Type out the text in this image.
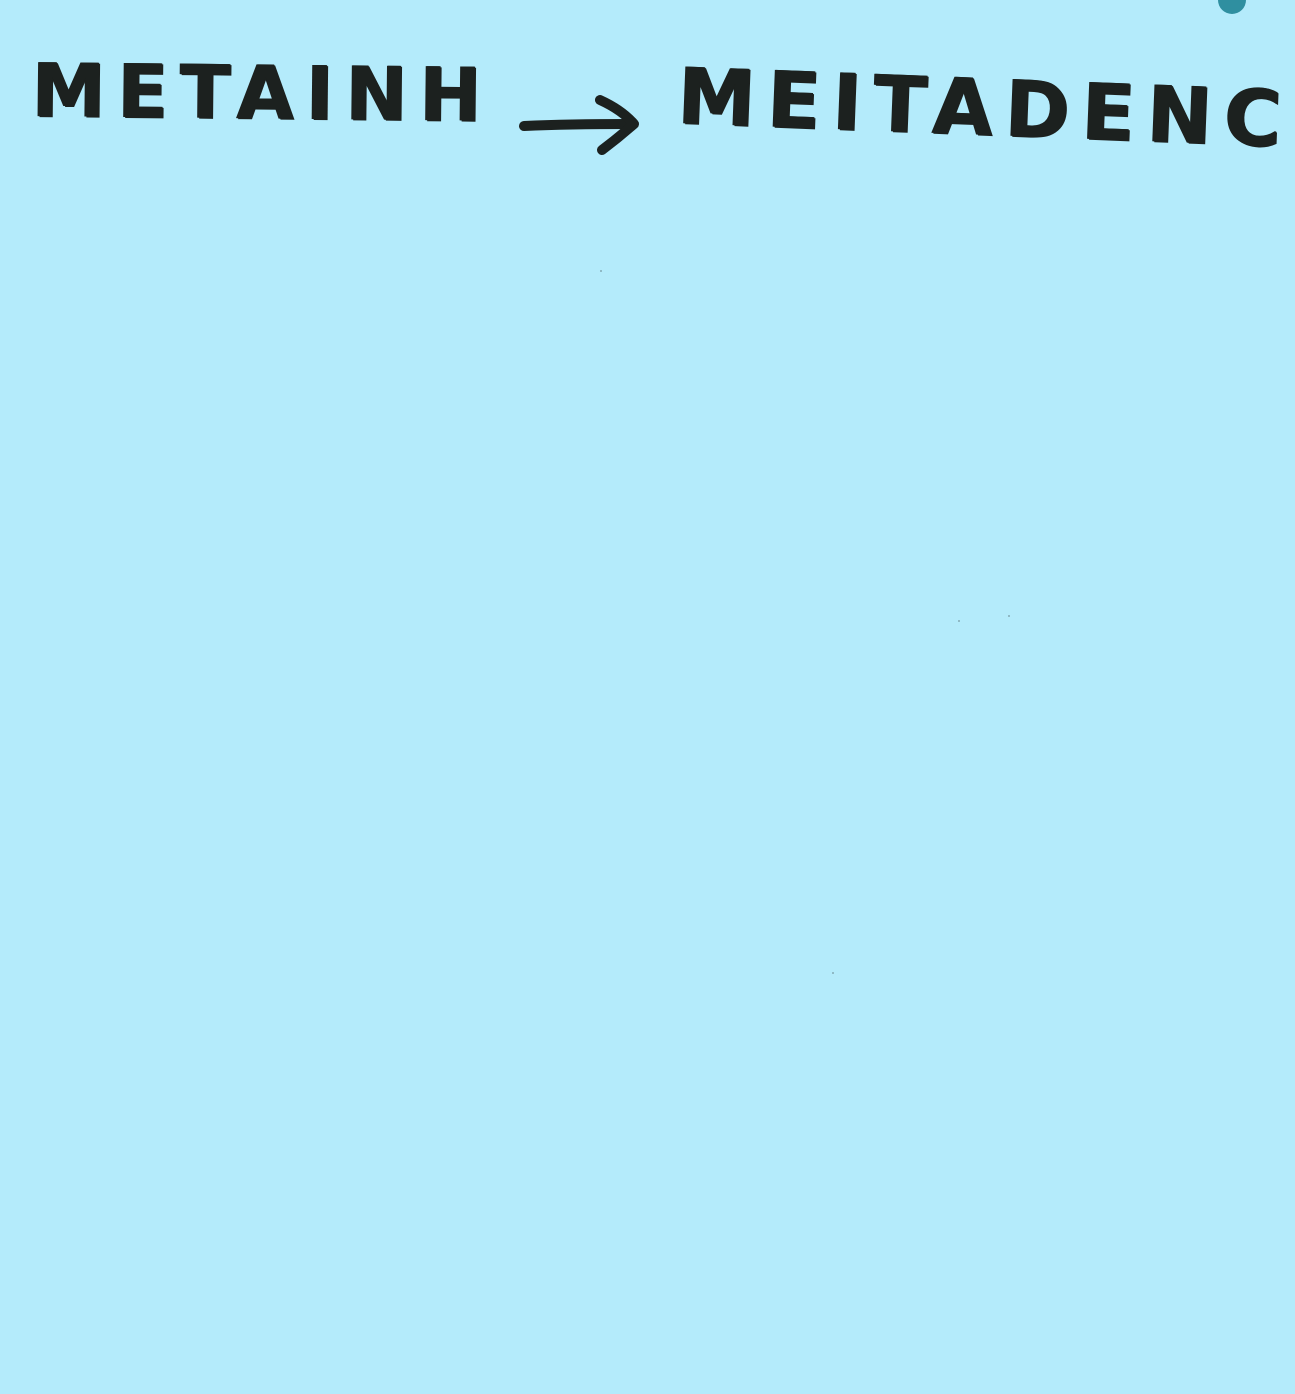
METAINH MEITADENC
